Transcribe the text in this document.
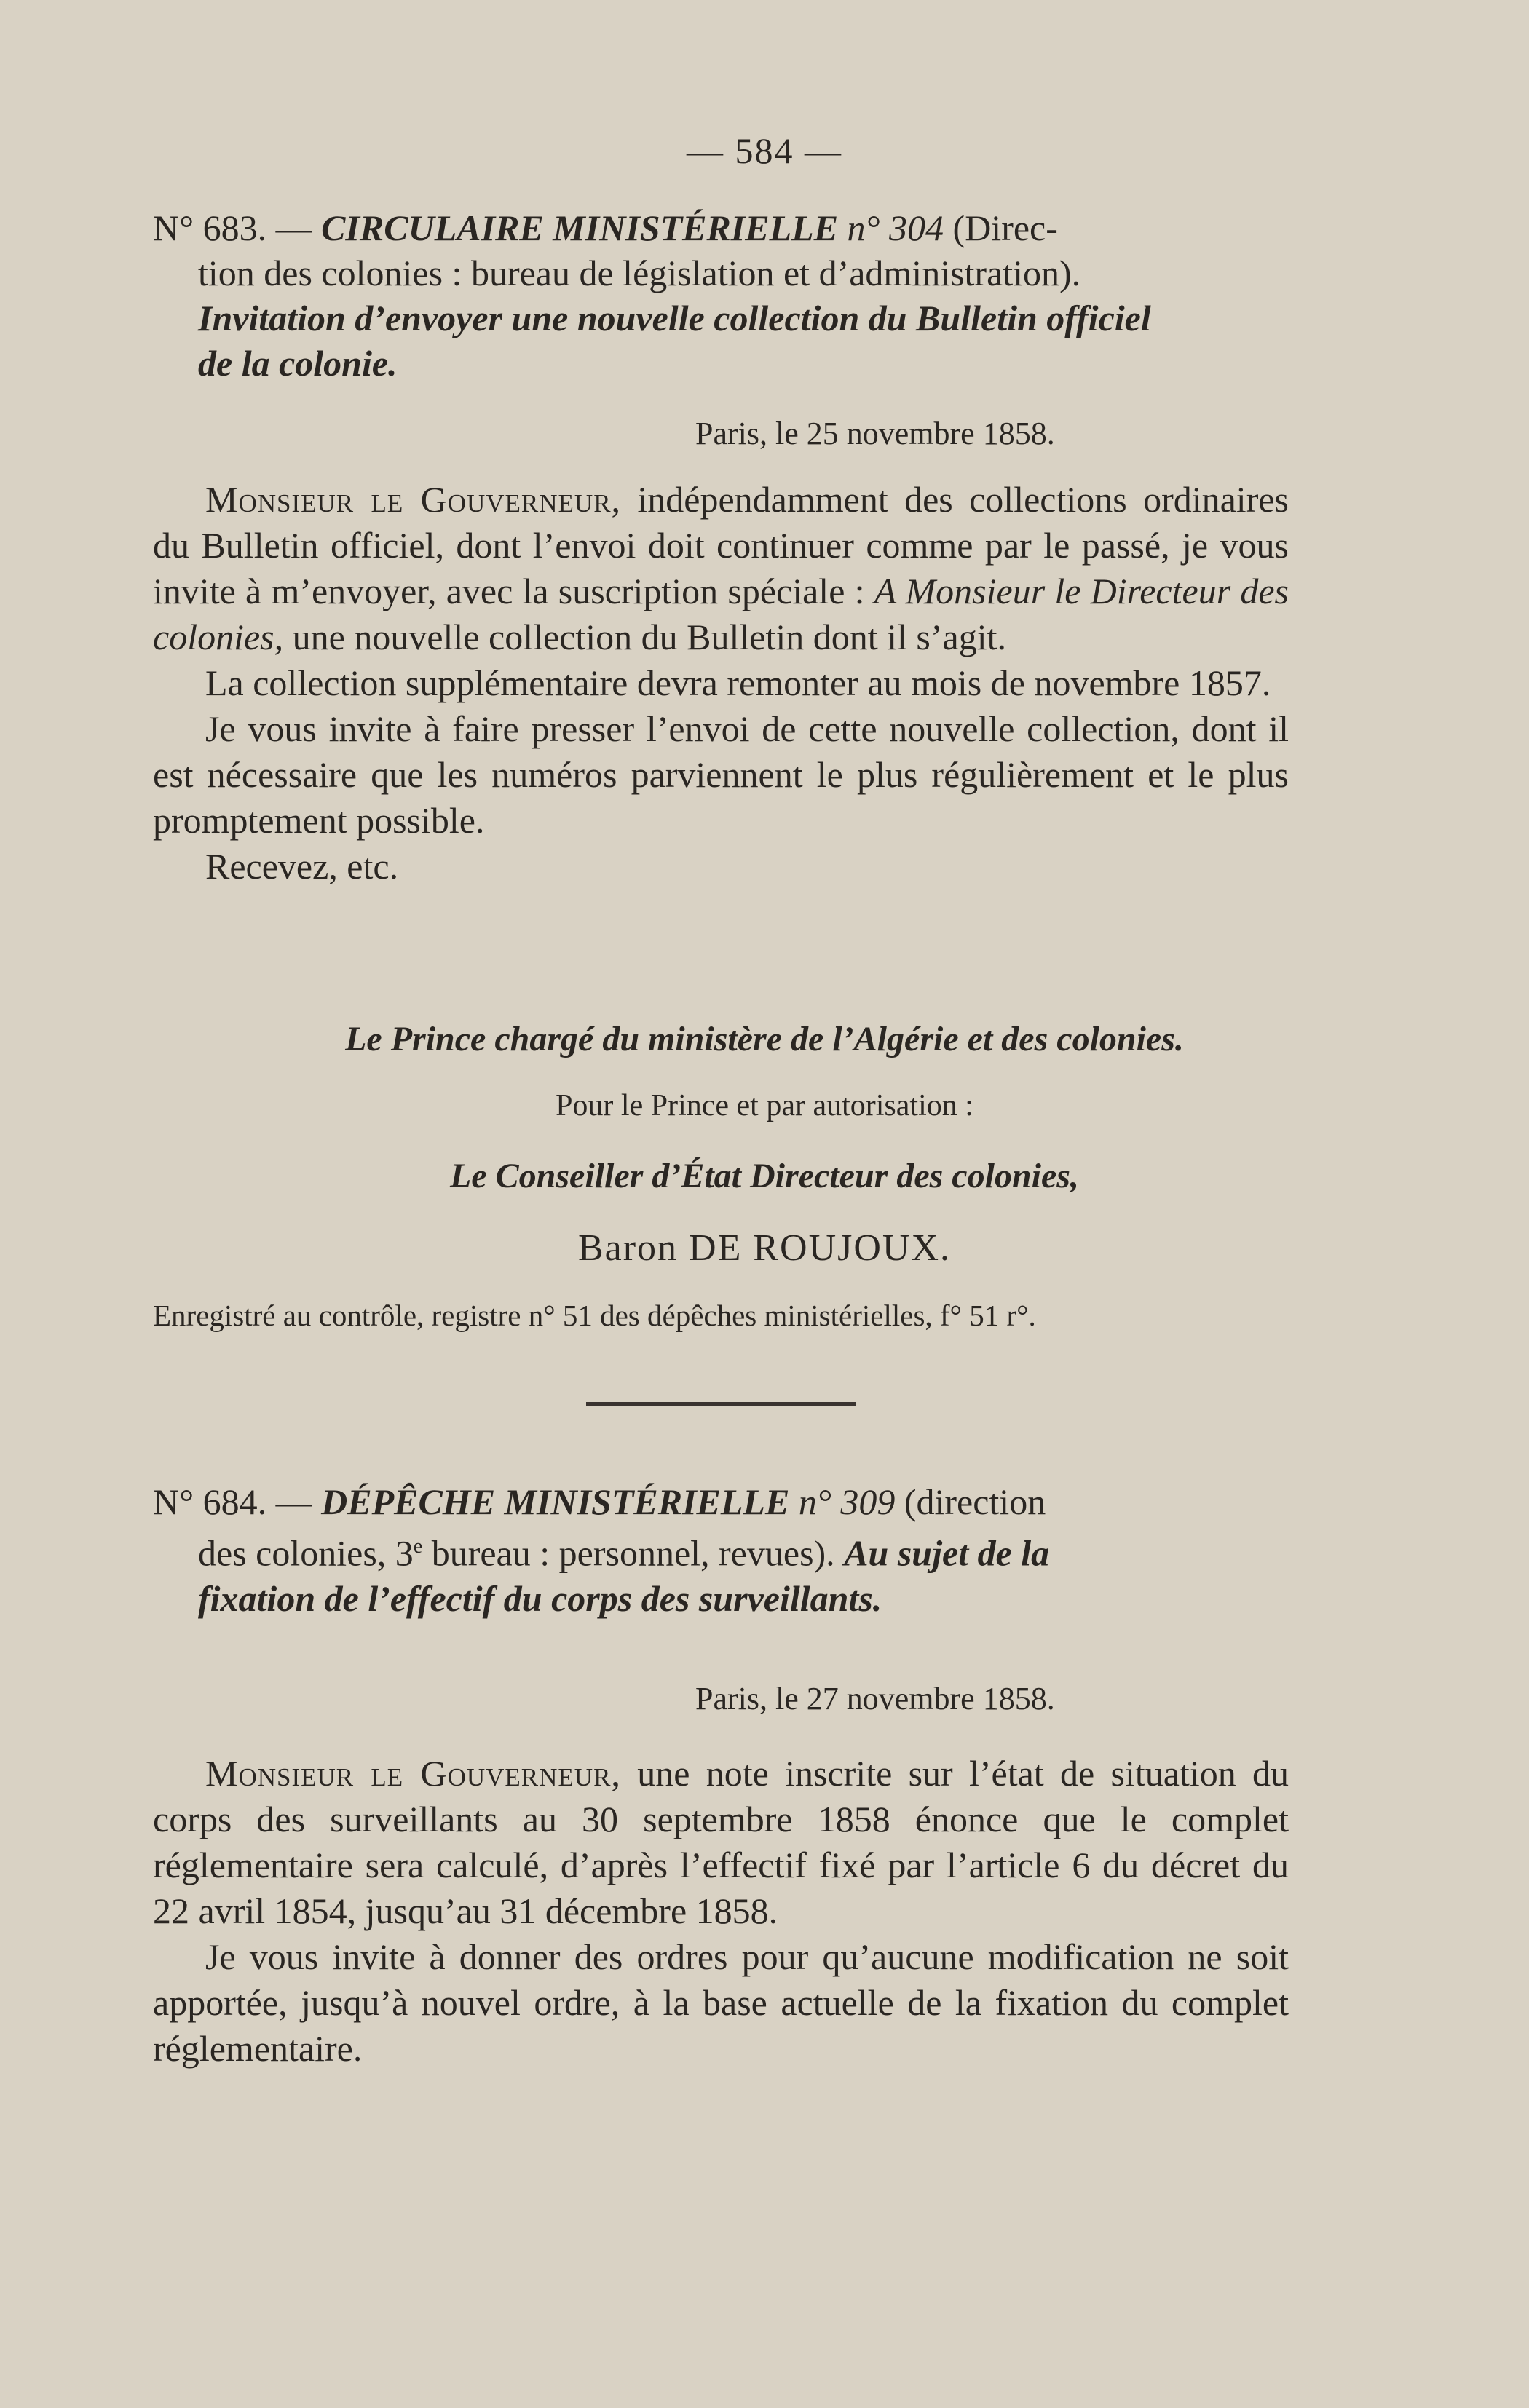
— 584 —
N° 683. — CIRCULAIRE MINISTÉRIELLE n° 304 (Direc-
tion des colonies : bureau de législation et d’administration).
Invitation d’envoyer une nouvelle collection du Bulletin officiel
de la colonie.
Paris, le 25 novembre 1858.

Monsieur le Gouverneur, indépendamment des collections ordinaires du Bulletin officiel, dont l’envoi doit continuer comme par le passé, je vous invite à m’envoyer, avec la suscription spéciale : A Monsieur le Directeur des colonies, une nouvelle collection du Bulletin dont il s’agit.

La collection supplémentaire devra remonter au mois de novembre 1857.

Je vous invite à faire presser l’envoi de cette nouvelle collection, dont il est nécessaire que les numéros parviennent le plus régulièrement et le plus promptement possible.

Recevez, etc.

Le Prince chargé du ministère de l’Algérie et des colonies.
Pour le Prince et par autorisation :
Le Conseiller d’État Directeur des colonies,
Baron DE ROUJOUX.
Enregistré au contrôle, registre n° 51 des dépêches ministérielles, f° 51 r°.
N° 684. — DÉPÊCHE MINISTÉRIELLE n° 309 (direction
des colonies, 3e bureau : personnel, revues). Au sujet de la
fixation de l’effectif du corps des surveillants.
Paris, le 27 novembre 1858.

Monsieur le Gouverneur, une note inscrite sur l’état de situation du corps des surveillants au 30 septembre 1858 énonce que le complet réglementaire sera calculé, d’après l’effectif fixé par l’article 6 du décret du 22 avril 1854, jusqu’au 31 décembre 1858.

Je vous invite à donner des ordres pour qu’aucune modification ne soit apportée, jusqu’à nouvel ordre, à la base actuelle de la fixation du complet réglementaire.
